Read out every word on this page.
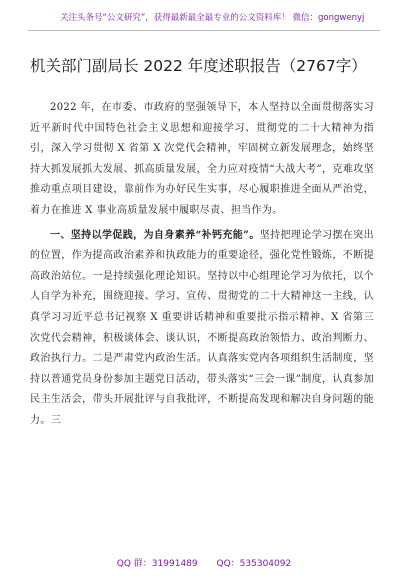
关注头条号“公文研究”，获得最新最全最专业的公文资料库！ 微信：gongwenyj
机关部门副局长 2022 年度述职报告（2767字）

2022 年，在市委、市政府的坚强领导下，本人坚持以全面贯彻落实习近平新时代中国特色社会主义思想和迎接学习、贯彻党的二十大精神为指引，深入学习贯彻 X 省第 X 次党代会精神，牢固树立新发展理念，始终坚持大抓发展抓大发展、抓高质量发展，全力应对疫情“大战大考”，克难攻坚推动重点项目建设，靠前作为办好民生实事，尽心履职推进全面从严治党，着力在推进 X 事业高质量发展中履职尽责、担当作为。

一、坚持以学促践，为自身素养“补钙充能”。坚持把理论学习摆在突出的位置，作为提高政治素养和执政能力的重要途径，强化党性锻炼，不断提高政治站位。一是持续强化理论知识。坚持以中心组理论学习为依托，以个人自学为补充，围绕迎接、学习、宣传、贯彻党的二十大精神这一主线，认真学习习近平总书记视察 X 重要讲话精神和重要批示指示精神、X 省第三次党代会精神，积极谈体会、谈认识，不断提高政治领悟力、政治判断力、政治执行力。二是严肃党内政治生活。认真落实党内各项组织生活制度，坚持以普通党员身份参加主题党日活动，带头落实“三会一课”制度，认真参加民主生活会，带头开展批评与自我批评，不断提高发现和解决自身问题的能力。三

QQ 群：31991489 QQ：535304092
